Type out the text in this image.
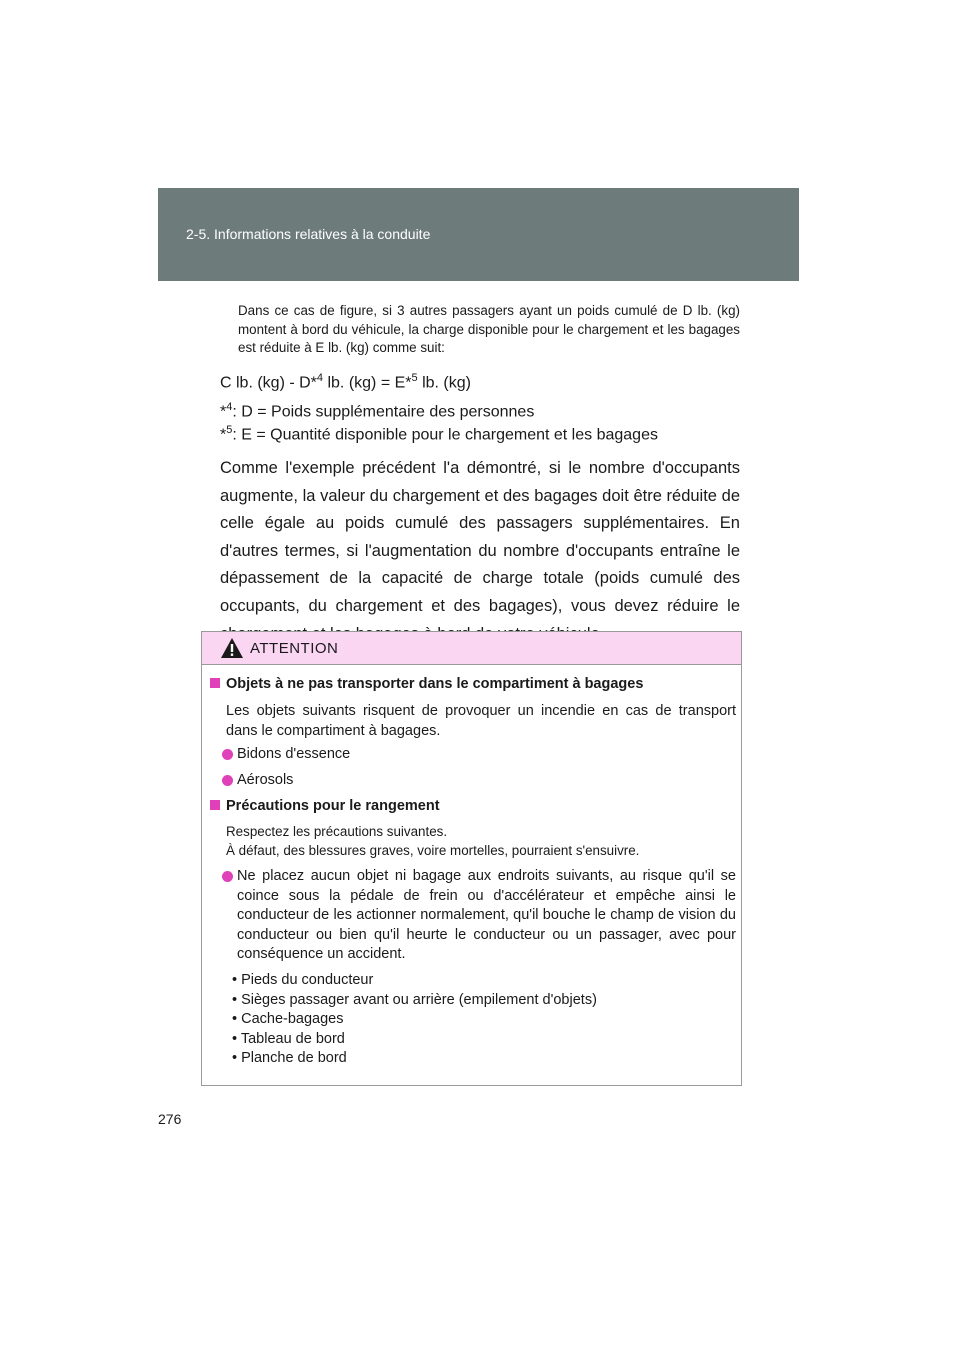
2-5. Informations relatives à la conduite
Dans ce cas de figure, si 3 autres passagers ayant un poids cumulé de D lb. (kg) montent à bord du véhicule, la charge disponible pour le chargement et les bagages est réduite à E lb. (kg) comme suit:
C lb. (kg) - D*$^4$ lb. (kg) = E*$^5$ lb. (kg)
*$^4$: D = Poids supplémentaire des personnes
*$^5$: E = Quantité disponible pour le chargement et les bagages
Comme l'exemple précédent l'a démontré, si le nombre d'occupants augmente, la valeur du chargement et des bagages doit être réduite de celle égale au poids cumulé des passagers supplémentaires. En d'autres termes, si l'augmentation du nombre d'occupants entraîne le dépassement de la capacité de charge totale (poids cumulé des occupants, du chargement et des bagages), vous devez réduire le
ATTENTION
Objets à ne pas transporter dans le compartiment à bagages
Les objets suivants risquent de provoquer un incendie en cas de transport dans le compartiment à bagages.
Bidons d'essence
Aérosols
Précautions pour le rangement
Respectez les précautions suivantes.
À défaut, des blessures graves, voire mortelles, pourraient s'ensuivre.
Ne placez aucun objet ni bagage aux endroits suivants, au risque qu'il se coince sous la pédale de frein ou d'accélérateur et empêche ainsi le conducteur de les actionner normalement, qu'il bouche le champ de vision du conducteur ou bien qu'il heurte le conducteur ou un passager, avec pour conséquence un accident.
• Pieds du conducteur
• Sièges passager avant ou arrière (empilement d'objets)
• Cache-bagages
• Tableau de bord
• Planche de bord
276
